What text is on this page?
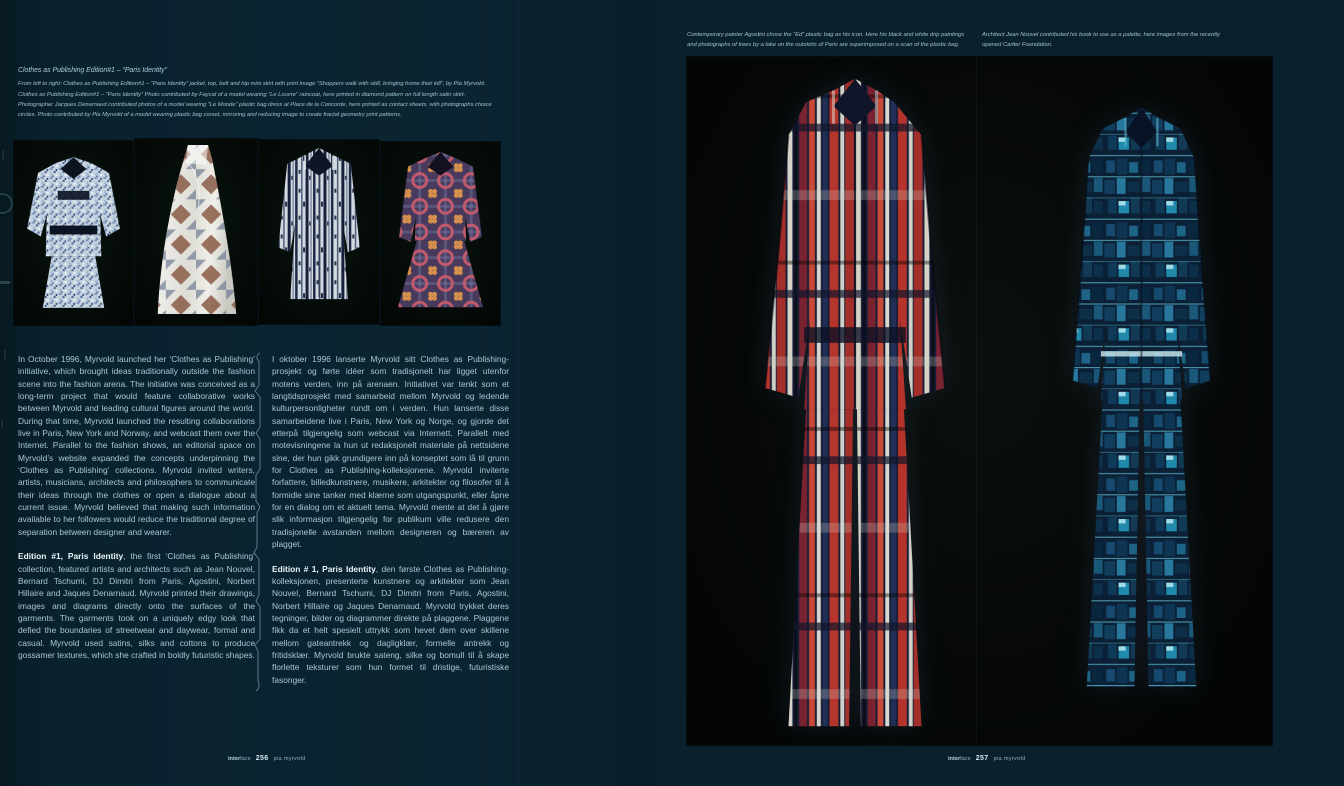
Clothes as Publishing Edition#1 – “Paris Identity”
From left to right: Clothes as Publishing Edition#1 – “Paris Identity” jacket, top, belt and hip mini skirt with print image “Shoppers walk with skill, bringing home their kill”, by Pia Myrvold.
Clothes as Publishing Edition#1 – “Paris Identity” Photo contributed by Faycal of a model wearing “Le Louvre” raincoat, here printed in diamond pattern on full length satin skirt.
Photographer Jacques Denarnaud contributed photos of a model wearing “Le Monde” plastic bag dress at Place de la Concorde, here printed as contact sheets, with photographs choice circles. Photo contributed by Pia Myrvold of a model wearing plastic bag corset, mirroring and reducing image to create fractal geometry print patterns.

In October 1996, Myrvold launched her ‘Clothes as Publishing’ initiative, which brought ideas traditionally outside the fashion scene into the fashion arena. The initiative was conceived as a long-term project that would feature collaborative works between Myrvold and leading cultural figures around the world. During that time, Myrvold launched the resulting collaborations live in Paris, New York and Norway, and webcast them over the Internet. Parallel to the fashion shows, an editorial space on Myrvold’s website expanded the concepts underpinning the ‘Clothes as Publishing’ collections. Myrvold invited writers, artists, musicians, architects and philosophers to communicate their ideas through the clothes or open a dialogue about a current issue. Myrvold believed that making such information available to her followers would reduce the traditional degree of separation between designer and wearer.

Edition #1, Paris Identity, the first ‘Clothes as Publishing’ collection, featured artists and architects such as Jean Nouvel, Bernard Tschumi, DJ Dimitri from Paris, Agostini, Norbert Hillaire and Jaques Denarnaud. Myrvold printed their drawings, images and diagrams directly onto the surfaces of the garments. The garments took on a uniquely edgy look that defied the boundaries of streetwear and daywear, formal and casual. Myrvold used satins, silks and cottons to produce gossamer textures, which she crafted in boldly futuristic shapes.

I oktober 1996 lanserte Myrvold sitt Clothes as Publishing-prosjekt og førte idéer som tradisjonelt har ligget utenfor motens verden, inn på arenaen. Initiativet var tenkt som et langtidsprosjekt med samarbeid mellom Myrvold og ledende kulturpersonligheter rundt om i verden. Hun lanserte disse samarbeidene live i Paris, New York og Norge, og gjorde det etterpå tilgjengelig som webcast via Internett. Parallelt med motevisningene la hun ut redaksjonelt materiale på nettsidene sine, der hun gikk grundigere inn på konseptet som lå til grunn for Clothes as Publishing-kolleksjonene. Myrvold inviterte forfattere, billedkunstnere, musikere, arkitekter og filosofer til å formidle sine tanker med klærne som utgangspunkt, eller åpne for en dialog om et aktuelt tema. Myrvold mente at det å gjøre slik informasjon tilgjengelig for publikum ville redusere den tradisjonelle avstanden mellom designeren og bæreren av plagget.

Edition # 1, Paris Identity, den første Clothes as Publishing-kolleksjonen, presenterte kunstnere og arkitekter som Jean Nouvel, Bernard Tschumi, DJ Dimitri from Paris, Agostini, Norbert Hillaire og Jaques Denarnaud. Myrvold trykket deres tegninger, bilder og diagrammer direkte på plaggene. Plaggene fikk da et helt spesielt uttrykk som hevet dem over skillene mellom gateantrekk og dagligklær, formelle antrekk og fritidsklær. Myrvold brukte sateng, silke og bomull til å skape florlette teksturer som hun formet til dristige, futuristiske fasonger.

interface 256 pia myrvold
Contemporary painter Agostini chose the “Ed” plastic bag as his icon. Here his black and white drip paintings
and photographs of trees by a lake on the outskirts of Paris are superimposed on a scan of the plastic bag.
Architect Jean Nouvel contributed his book to use as a palette; here images from the recently
opened Cartier Foundation.
interface 257 pia myrvold
